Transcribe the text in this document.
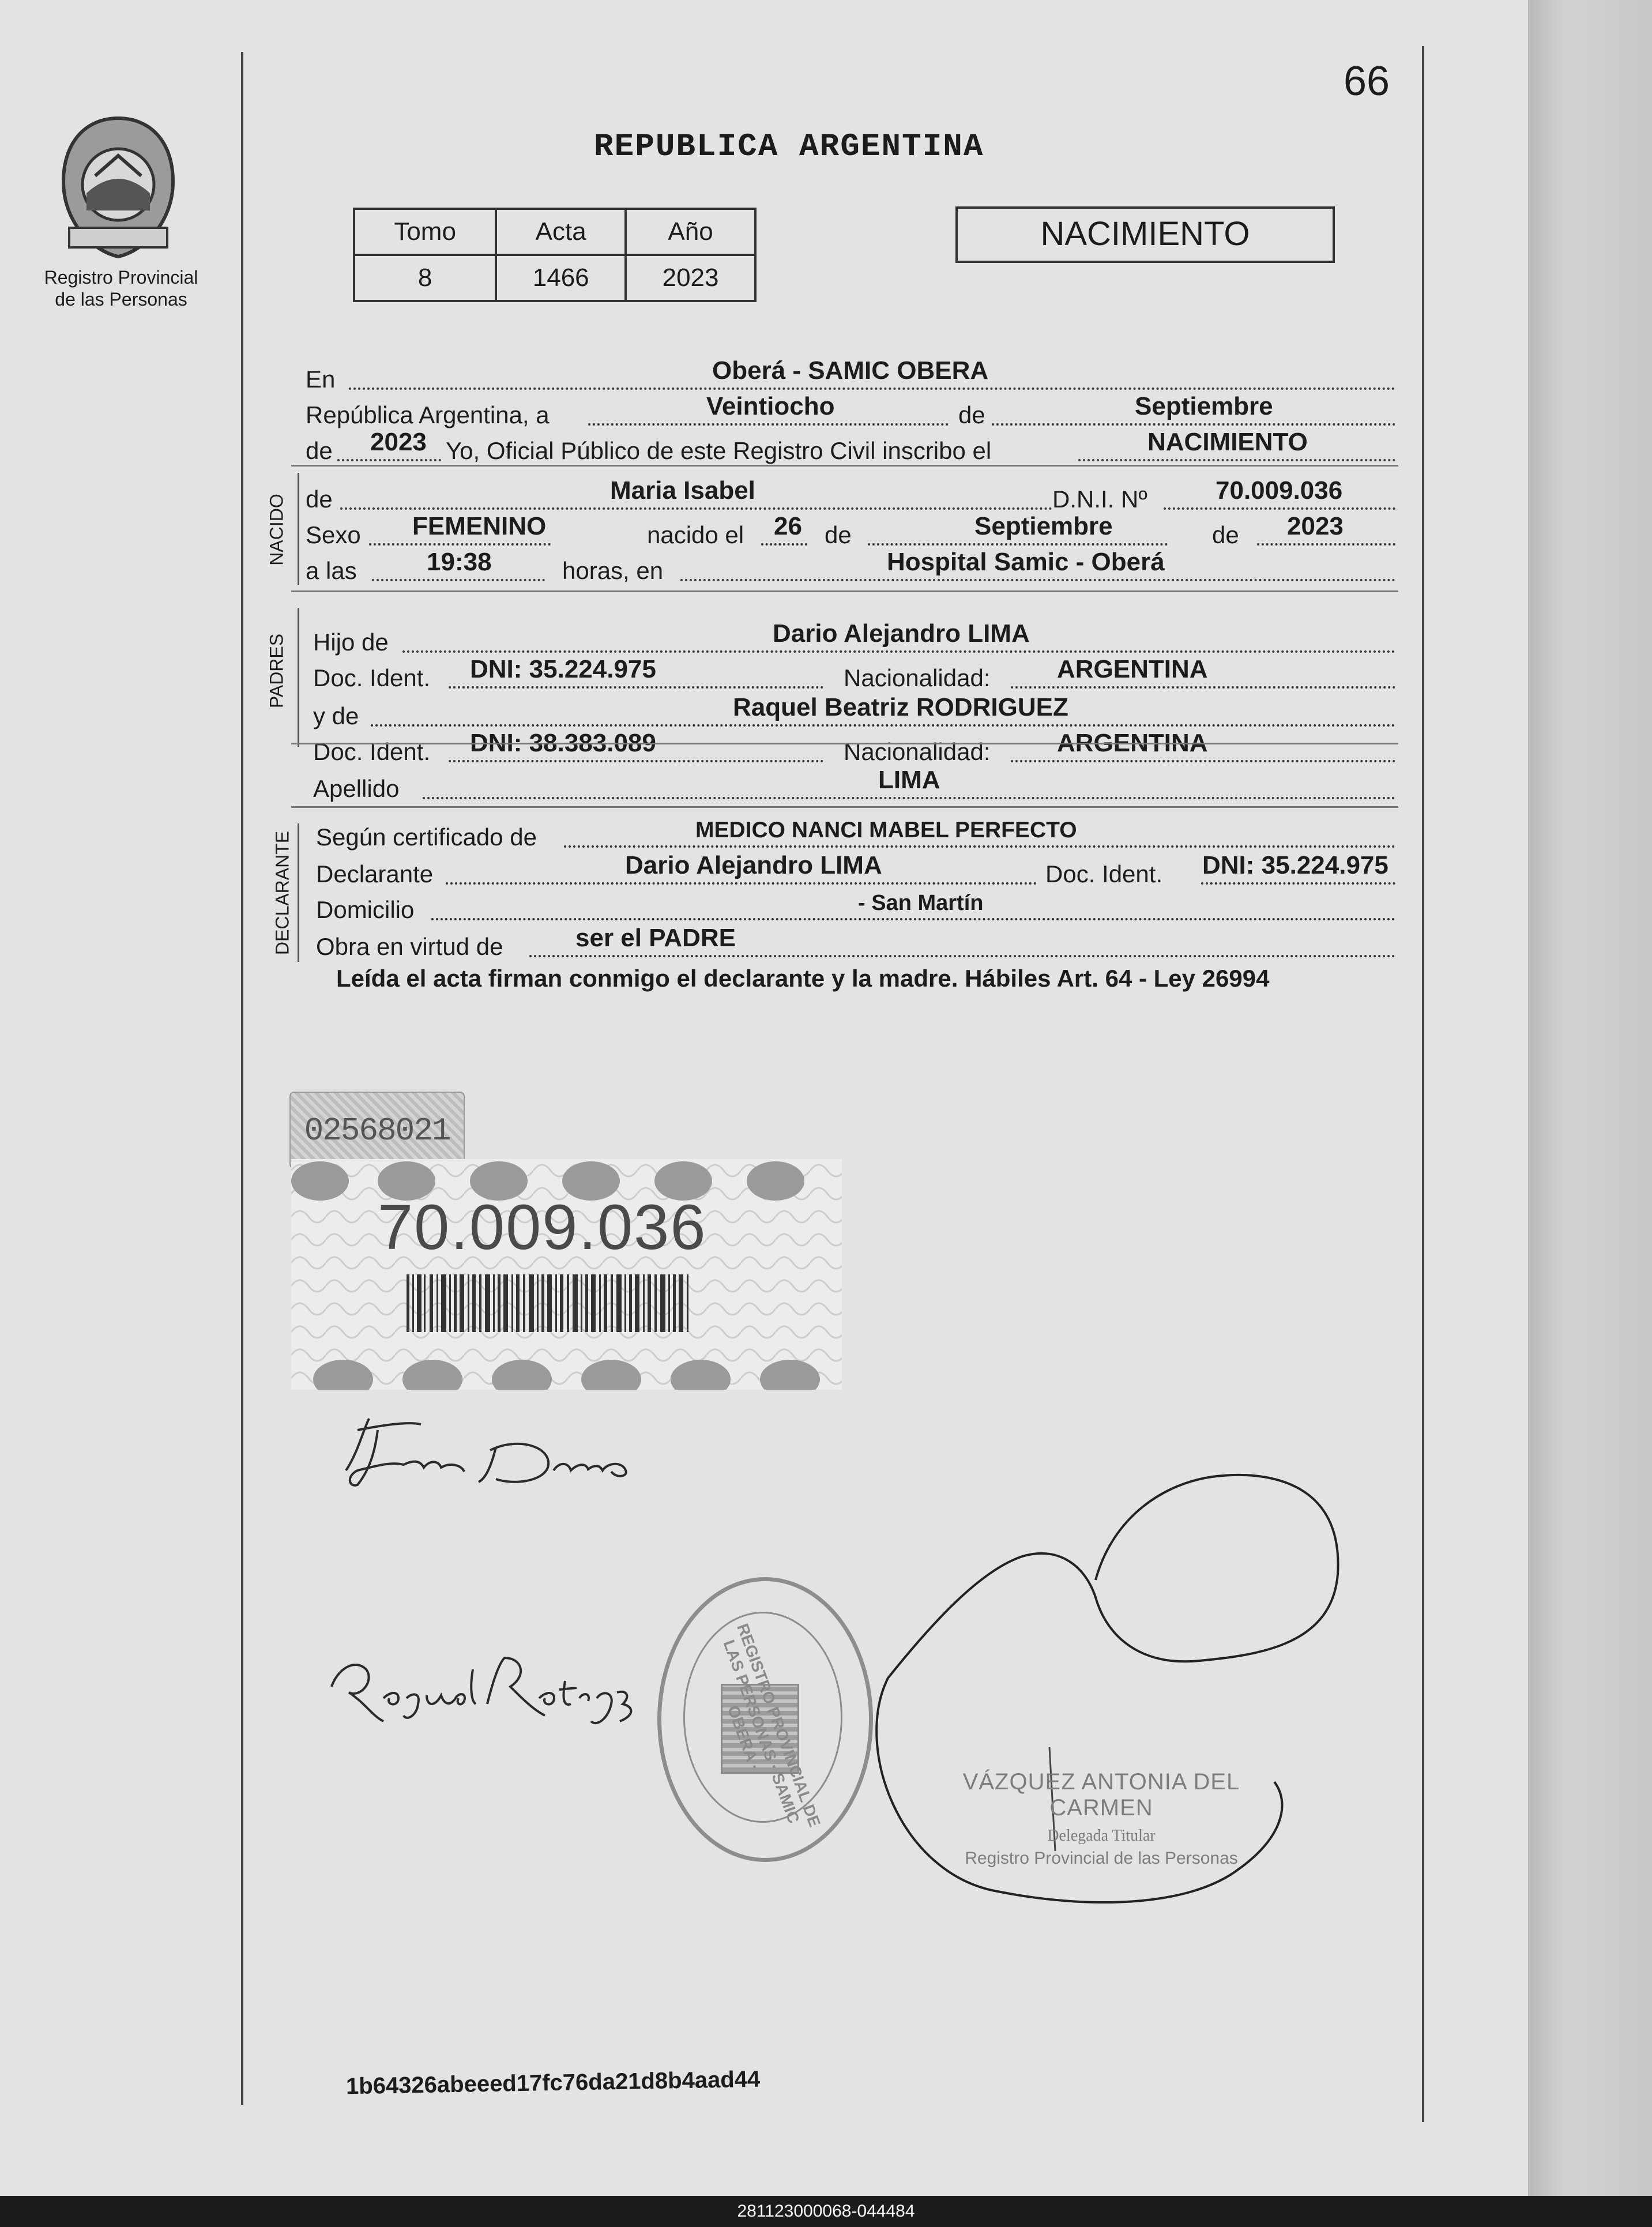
Registro Provincial
de las Personas
66
REPUBLICA ARGENTINA
Tomo	Acta	Año
8	1466	2023
NACIMIENTO
En	Oberá - SAMIC OBERA
República Argentina, a	Veintiocho	de	Septiembre
de 2023 Yo, Oficial Público de este Registro Civil inscribo el	NACIMIENTO
NACIDO de	Maria Isabel	D.N.I. Nº	70.009.036
Sexo FEMENINO	nacido el 26 de	Septiembre	de 2023
a las	19:38	horas, en	Hospital Samic - Oberá
PADRES Hijo de	Dario Alejandro LIMA
Doc. Ident. DNI: 35.224.975	Nacionalidad:	ARGENTINA
y de	Raquel Beatriz RODRIGUEZ
Doc. Ident. DNI: 38.383.089	Nacionalidad:	ARGENTINA
Apellido	LIMA
DECLARANTE Según certificado de	MEDICO NANCI MABEL PERFECTO
Declarante	Dario Alejandro LIMA	Doc. Ident. DNI: 35.224.975
Domicilio	- San Martín
Obra en virtud de	ser el PADRE
Leída el acta firman conmigo el declarante y la madre. Hábiles Art. 64 - Ley 26994
02568021
70.009.036
REGISTRO PROVINCIAL DE LAS PERSONAS · SAMIC OBERA ·
VÁZQUEZ ANTONIA DEL CARMEN
Delegada Titular
Registro Provincial de las Personas
1b64326abeeed17fc76da21d8b4aad44
281123000068-044484
